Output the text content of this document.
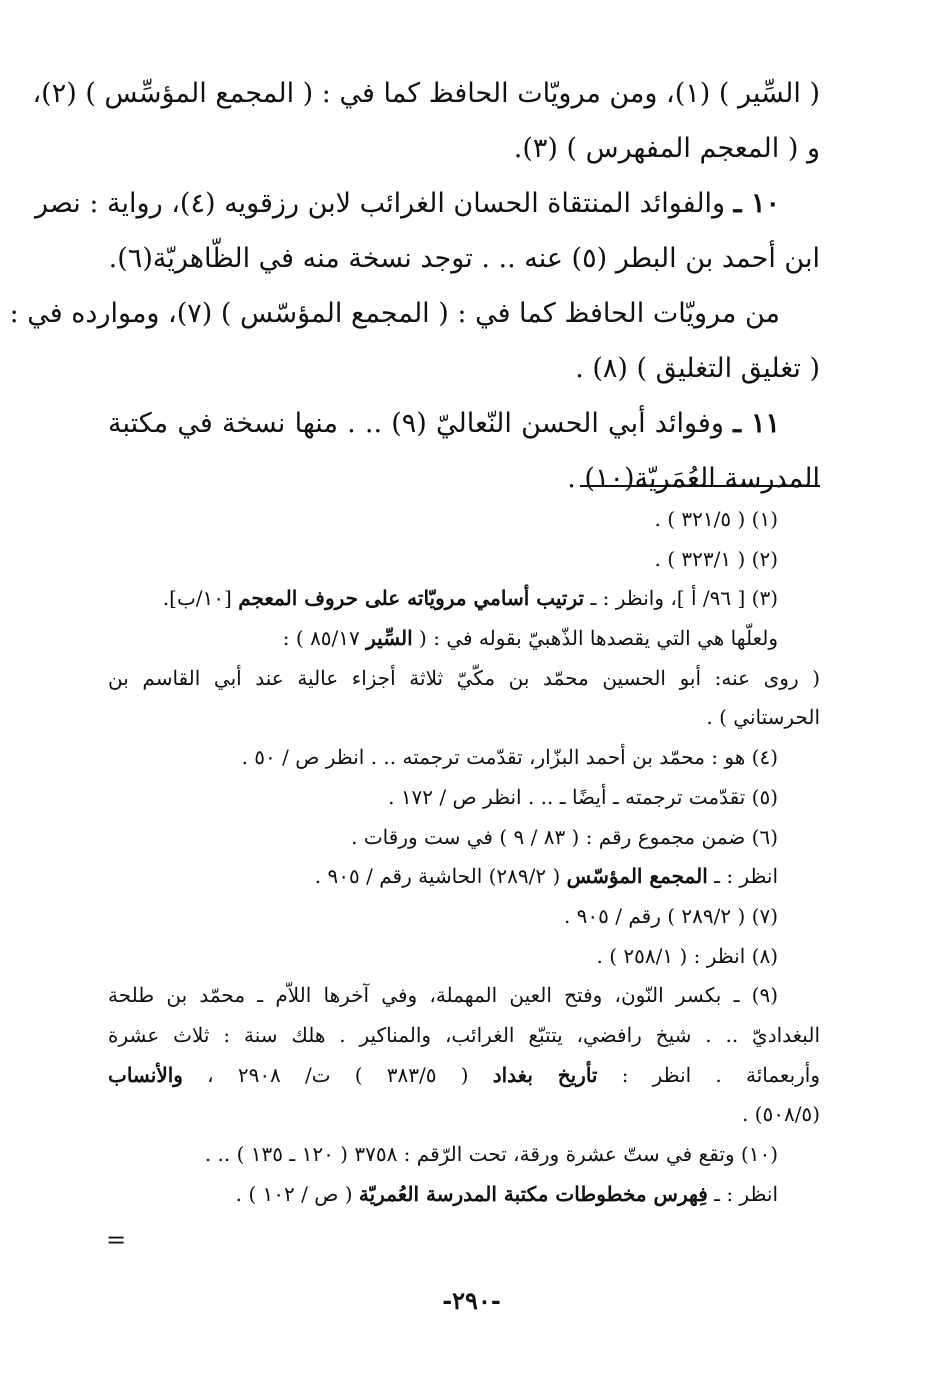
( السِّير ) (١)، ومن مرويّات الحافظ كما في : ( المجمع المؤسِّس ) (٢)،
و ( المعجم المفهرس ) (٣).
١٠ ـ والفوائد المنتقاة الحسان الغرائب لابن رزقويه (٤)، رواية : نصر
ابن أحمد بن البطر (٥) عنه .. . توجد نسخة منه في الظّاهريّة(٦).
من مرويّات الحافظ كما في : ( المجمع المؤسّس ) (٧)، وموارده في :
( تغليق التغليق ) (٨) .
١١ ـ وفوائد أبي الحسن النّعاليّ (٩) .. . منها نسخة في مكتبة
المدرسة العُمَريّة(١٠) .
(١) ( ٣٢١/٥ ) .
(٢) ( ٣٢٣/١ ) .
(٣) [ ٩٦/ أ ]، وانظر : ـ ترتيب أسامي مرويّاته على حروف المعجم [١٠/ب].
ولعلّها هي التي يقصدها الذّهبيّ بقوله في : ( السِّير ٨٥/١٧ ) :
( روى عنه: أبو الحسين محمّد بن مكّيّ ثلاثة أجزاء عالية عند أبي القاسم بن
الحرستاني ) .
(٤) هو : محمّد بن أحمد البزّار، تقدّمت ترجمته .. . انظر ص / ٥٠ .
(٥) تقدّمت ترجمته ـ أيضًا ـ .. . انظر ص / ١٧٢ .
(٦) ضمن مجموع رقم : ( ٨٣ / ٩ ) في ست ورقات .
انظر : ـ المجمع المؤسّس ( ٢٨٩/٢) الحاشية رقم / ٩٠٥ .
(٧) ( ٢٨٩/٢ ) رقم / ٩٠٥ .
(٨) انظر : ( ٢٥٨/١ ) .
(٩) ـ بكسر النّون، وفتح العين المهملة، وفي آخرها اللاّم ـ محمّد بن طلحة
البغداديّ .. . شيخ رافضي، يتتبّع الغرائب، والمناكير . هلك سنة : ثلاث عشرة
وأربعمائة . انظر : تأريخ بغداد ( ٣٨٣/٥ ) ت/ ٢٩٠٨ ، والأنساب
(٥٠٨/٥) .
(١٠) وتقع في ستّ عشرة ورقة، تحت الرّقم : ٣٧٥٨ ( ١٢٠ ـ ١٣٥ ) .. .
انظر : ـ فِهرس مخطوطات مكتبة المدرسة العُمريّة ( ص / ١٠٢ ) .
=
-٢٩٠-
